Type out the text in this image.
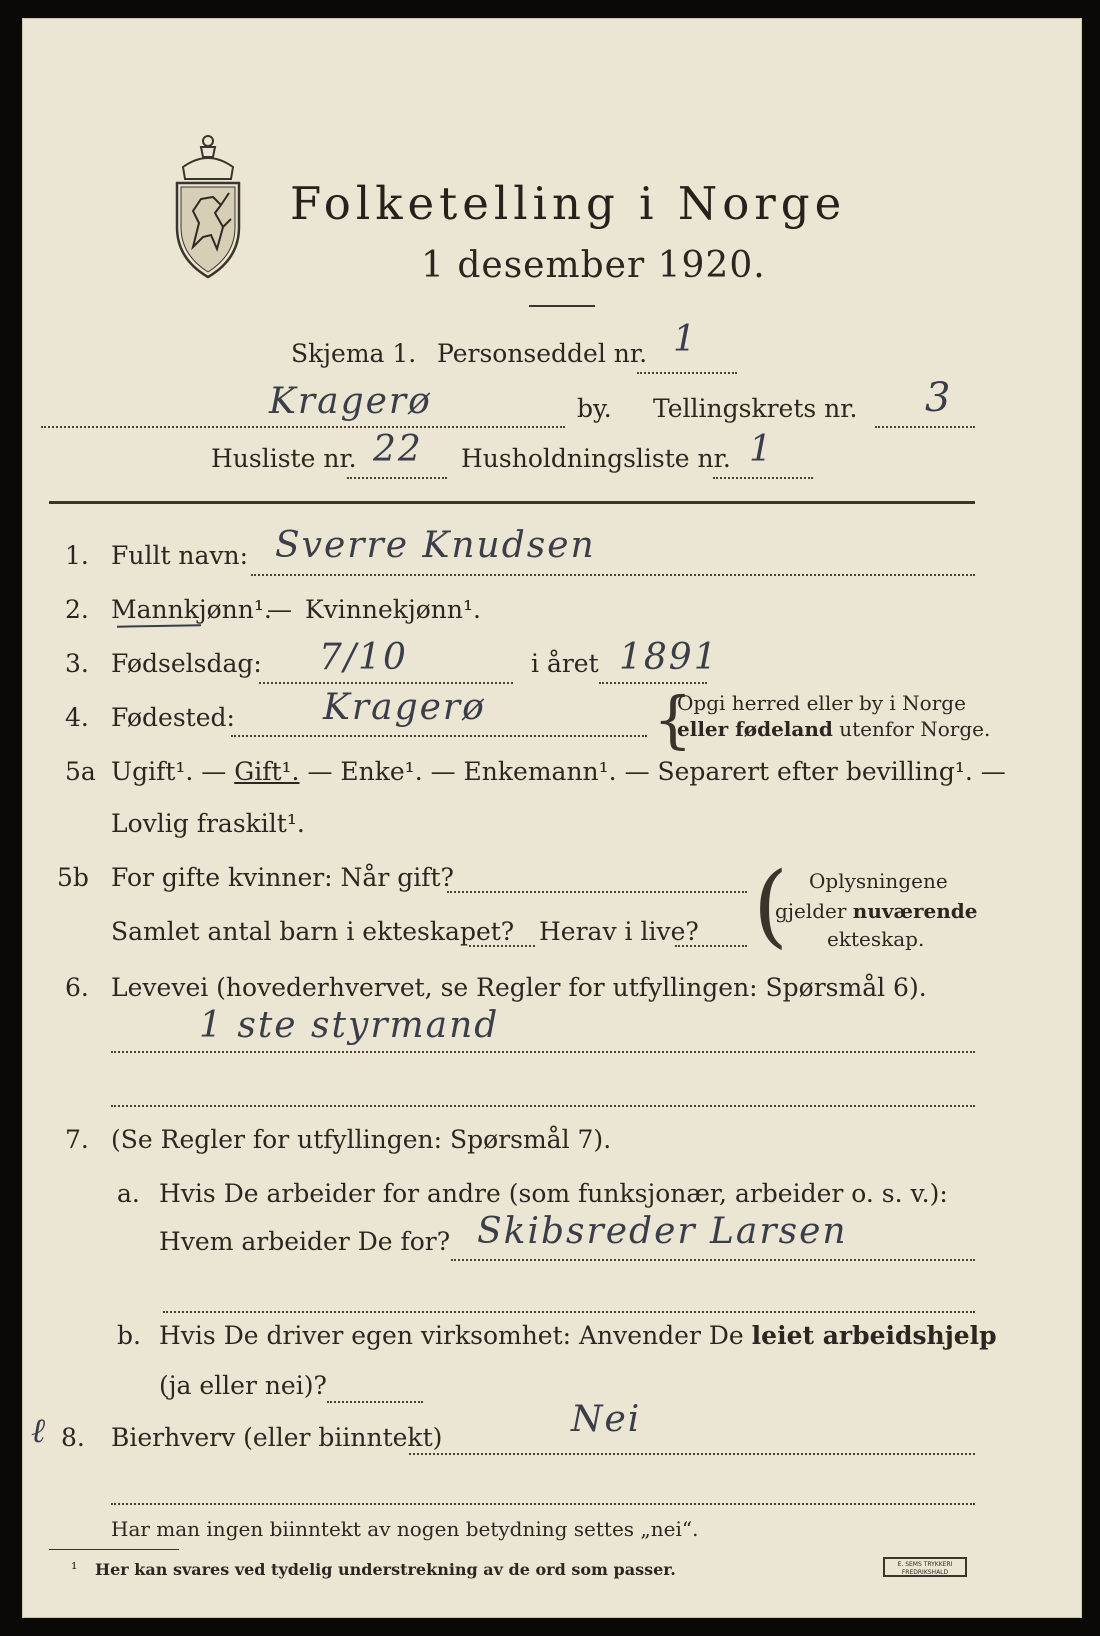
Folketelling i Norge
1 desember 1920.
Skjema 1. Personseddel nr. 1
Kragerø	by. Tellingskrets nr. 3
Husliste nr. 22 Husholdningsliste nr. 1
1. Fullt navn: Sverre Knudsen
2. Mannkjønn¹.
— Kvinnekjønn¹.
3. Fødselsdag: 7/10	i året 1891
4. Fødested: Kragerø	{
Opgi herred eller by i Norge
eller fødeland utenfor Norge.
5a Ugift¹. — Gift¹. — Enke¹. — Enkemann¹. — Separert efter bevilling¹. —
Lovlig fraskilt¹.
5b For gifte kvinner: Når gift?
Samlet antal barn i ekteskapet? Herav i live? ( Oplysningene
gjelder nuværende
ekteskap.
6. Levevei (hovederhvervet, se Regler for utfyllingen: Spørsmål 6).
1 ste styrmand
7. (Se Regler for utfyllingen: Spørsmål 7).
a. Hvis De arbeider for andre (som funksjonær, arbeider o. s. v.):
Hvem arbeider De for? Skibsreder Larsen
b. Hvis De driver egen virksomhet: Anvender De leiet arbeidshjelp
(ja eller nei)?
ℓ 8. Bierhverv (eller biinntekt)	Nei
Har man ingen biinntekt av nogen betydning settes „nei“.
¹ Her kan svares ved tydelig understrekning av de ord som passer.	E. SEMS TRYKKERI
FREDRIKSHALD
